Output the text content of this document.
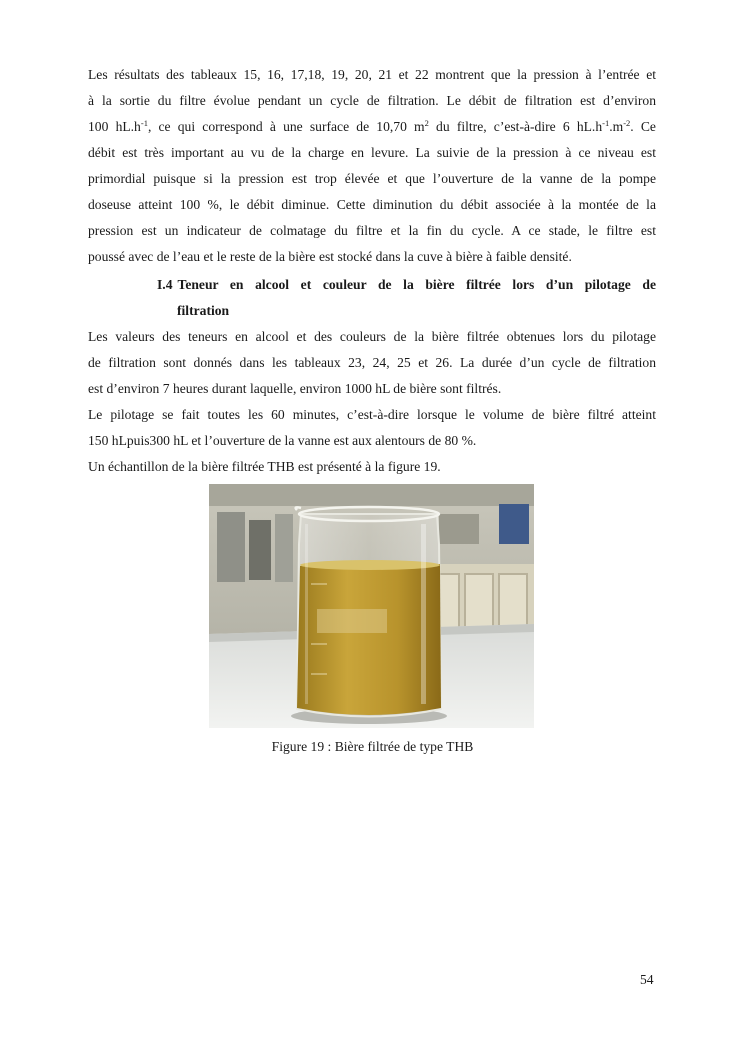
Les résultats des tableaux 15, 16, 17,18, 19, 20, 21 et 22 montrent que la pression à l’entrée et
à la sortie du filtre évolue pendant un cycle de filtration. Le débit de filtration est d’environ
100 $hL.h^{-1}$, ce qui correspond à une surface de 10,70 $m^2$ du filtre, c’est-à-dire 6 $hL.h^{-1}.m^{-2}$. Ce
débit est très important au vu de la charge en levure. La suivie de la pression à ce niveau est
primordial puisque si la pression est trop élevée et que l’ouverture de la vanne de la pompe
doseuse atteint 100 %, le débit diminue. Cette diminution du débit associée à la montée de la
pression est un indicateur de colmatage du filtre et la fin du cycle. A ce stade, le filtre est
poussé avec de l’eau et le reste de la bière est stocké dans la cuve à bière à faible densité.
I.4 Teneur en alcool et couleur de la bière filtrée lors d’un pilotage de
filtration
Les valeurs des teneurs en alcool et des couleurs de la bière filtrée obtenues lors du pilotage
de filtration sont donnés dans les tableaux 23, 24, 25 et 26. La durée d’un cycle de filtration
est d’environ 7 heures durant laquelle, environ 1000 hL de bière sont filtrés.
Le pilotage se fait toutes les 60 minutes, c’est-à-dire lorsque le volume de bière filtré atteint
150 hLpuis300 hL et l’ouverture de la vanne est aux alentours de 80 %.
Un échantillon de la bière filtrée THB est présenté à la figure 19.
Figure 19 : Bière filtrée de type THB
54
